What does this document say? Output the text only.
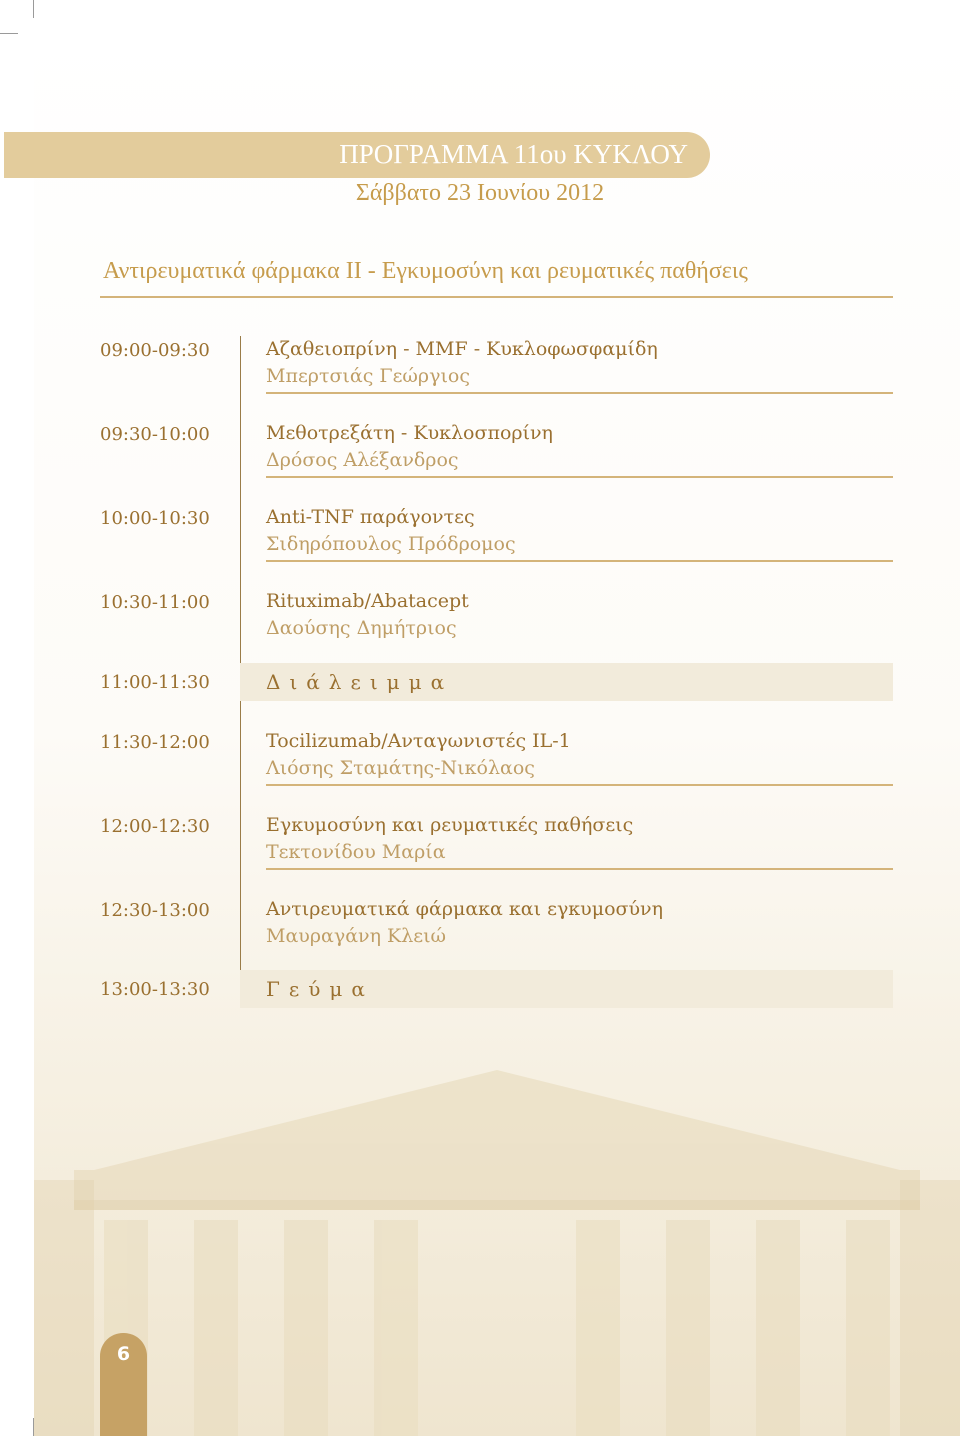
ΠΡΟΓΡΑΜΜΑ 11ου ΚΥΚΛΟΥ
Σάββατο 23 Ιουνίου 2012
Αντιρευματικά φάρμακα ΙΙ - Εγκυμοσύνη και ρευματικές παθήσεις
09:00-09:30	Αζαθειοπρίνη - MMF - Κυκλοφωσφαμίδη
Μπερτσιάς Γεώργιος
09:30-10:00	Μεθοτρεξάτη - Κυκλοσπορίνη
Δρόσος Αλέξανδρος
10:00-10:30	Anti-TNF παράγοντες
Σιδηρόπουλος Πρόδρομος
10:30-11:00	Rituximab/Abatacept
Δαούσης Δημήτριος
11:00-11:30	Διάλειμμα
11:30-12:00	Tocilizumab/Ανταγωνιστές IL-1
Λιόσης Σταμάτης-Νικόλαος
12:00-12:30	Εγκυμοσύνη και ρευματικές παθήσεις
Τεκτονίδου Μαρία
12:30-13:00	Αντιρευματικά φάρμακα και εγκυμοσύνη
Μαυραγάνη Κλειώ
13:00-13:30	Γεύμα
6
